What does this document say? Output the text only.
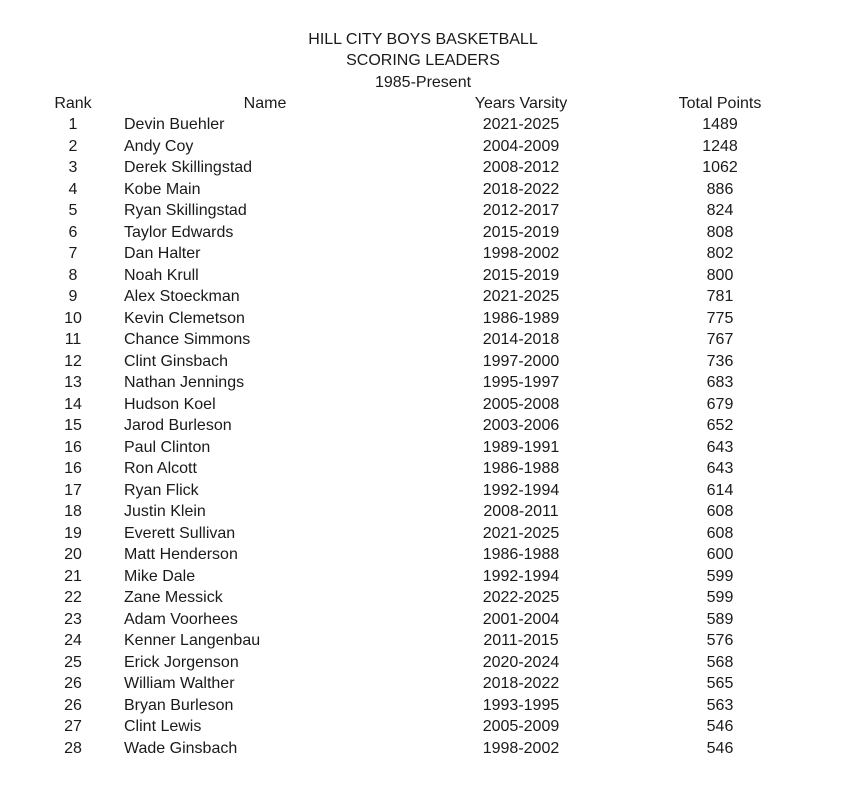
HILL CITY BOYS BASKETBALL
SCORING LEADERS
1985-Present
Rank	Name	Years Varsity	Total Points
1	Devin Buehler	2021-2025	1489
2	Andy Coy	2004-2009	1248
3	Derek Skillingstad	2008-2012	1062
4	Kobe Main	2018-2022	886
5	Ryan Skillingstad	2012-2017	824
6	Taylor Edwards	2015-2019	808
7	Dan Halter	1998-2002	802
8	Noah Krull	2015-2019	800
9	Alex Stoeckman	2021-2025	781
10	Kevin Clemetson	1986-1989	775
11	Chance Simmons	2014-2018	767
12	Clint Ginsbach	1997-2000	736
13	Nathan Jennings	1995-1997	683
14	Hudson Koel	2005-2008	679
15	Jarod Burleson	2003-2006	652
16	Paul Clinton	1989-1991	643
16	Ron Alcott	1986-1988	643
17	Ryan Flick	1992-1994	614
18	Justin Klein	2008-2011	608
19	Everett Sullivan	2021-2025	608
20	Matt Henderson	1986-1988	600
21	Mike Dale	1992-1994	599
22	Zane Messick	2022-2025	599
23	Adam Voorhees	2001-2004	589
24	Kenner Langenbau	2011-2015	576
25	Erick Jorgenson	2020-2024	568
26	William Walther	2018-2022	565
26	Bryan Burleson	1993-1995	563
27	Clint Lewis	2005-2009	546
28	Wade Ginsbach	1998-2002	546
